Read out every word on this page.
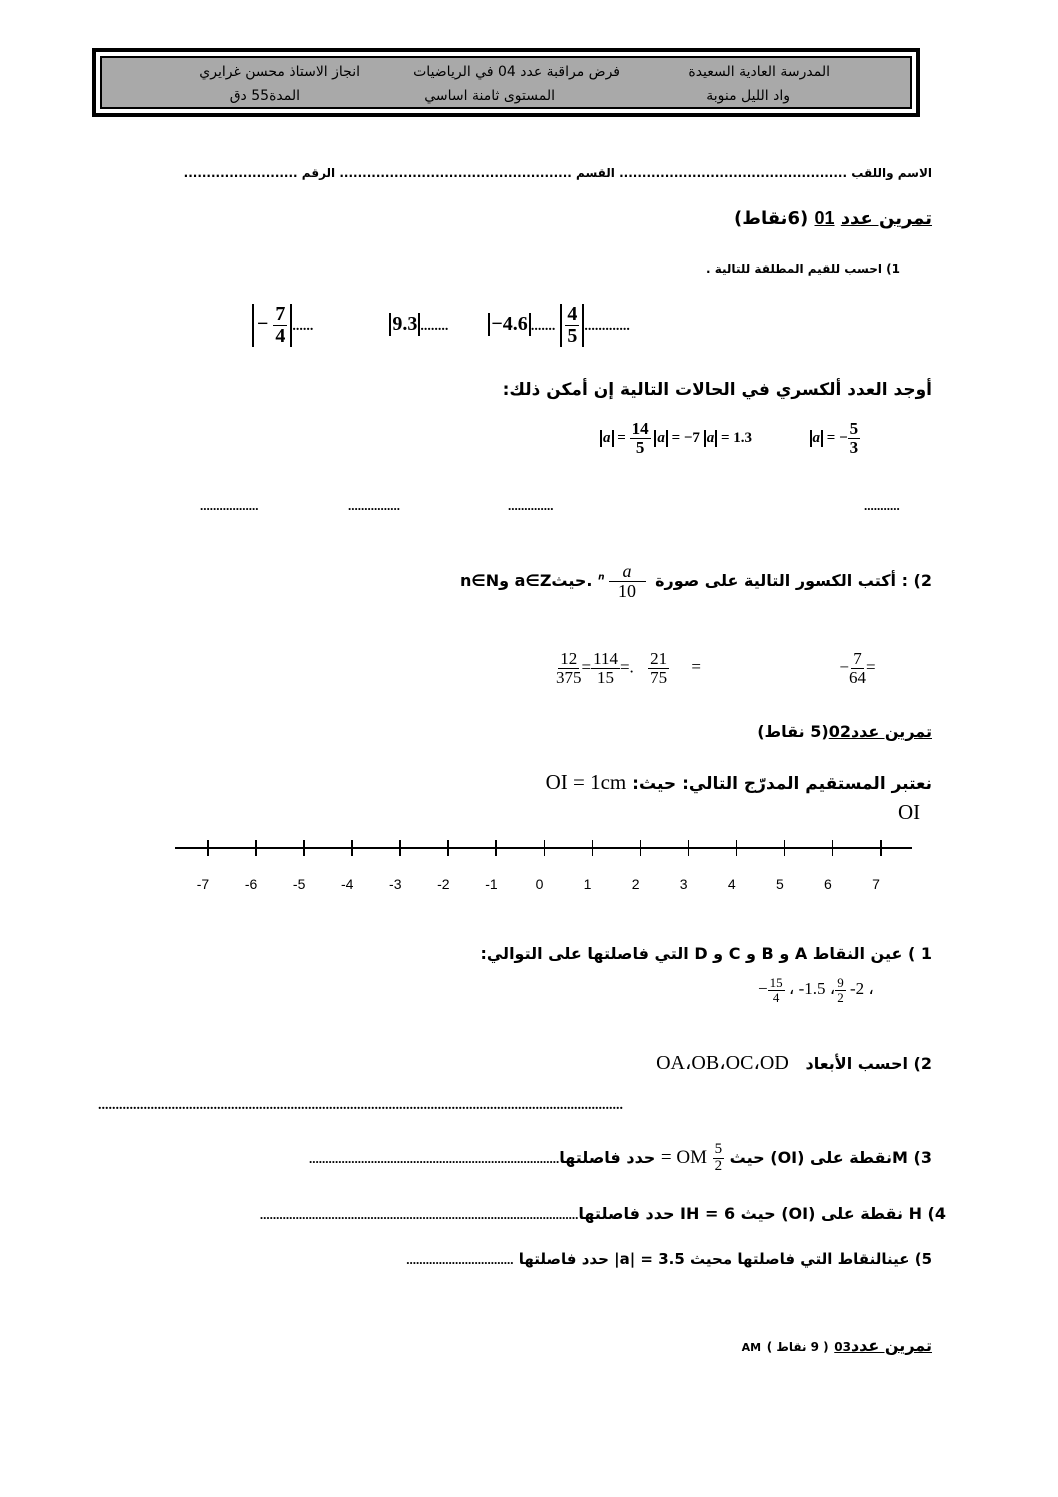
المدرسة العادية السعيدة
واد الليل منوبة
فرض مراقبة عدد 04 في الرياضيات
المستوى ثامنة اساسي
انجاز الاستاذ محسن غرايري
المدة55 دق
الاسم واللقب .................................................. القسم ................................................... الرقم .........................
تمرين عدد 01 (6نقاط)
1) احسب للقيم المطلقة للتالية .
− $\frac{7}{4}$ ......	9.3 ........ −4.6 ....... $\frac{4}{5}$ .............
أوجد العدد ألكسري في الحالات التالية إن أمكن ذلك:
$a = \frac{14}{5}$ a = −7 a = 1.3	a = − $\frac{5}{3}$
..................	................	..............	...........
2) : أكتب الكسور التالية على صورة
$\frac{a}{10}$
$^n$ .حيثa∈Z وn∈N
$\frac{12}{375} = \frac{114}{15}$ =. $\frac{21}{75}$ =	− $\frac{7}{64}$ =
تمرين عدد02(5 نقاط)
نعتبر المستقيم المدرّج التالي: حيث: OI = 1cm
OI
-7	-6	-5	-4	-3	-2	-1	0	1	2	3	4	5	6	7
1 ) عين النقاط A و B و C و D التي فاصلتها على التوالي:
− $\frac{15}{4}$ ، -1.5 ، $\frac{9}{2} -2$ ،
2) احسب الأبعاد   OA،OB،OC،OD
......................................................................................................................................................
3) Mنقطة على (OI) حيث
$\frac{5}{2}$
OM = حدد فاصلتها.............................................................................
4) H نقطة على (OI) حيث IH = 6 حدد فاصلتها..................................................................................................
5) عينالنقاط التي فاصلتها محيث 3.5 = |a| حدد فاصلتها .................................
تمرين عدد03 ( 9 نقاط ) AM
